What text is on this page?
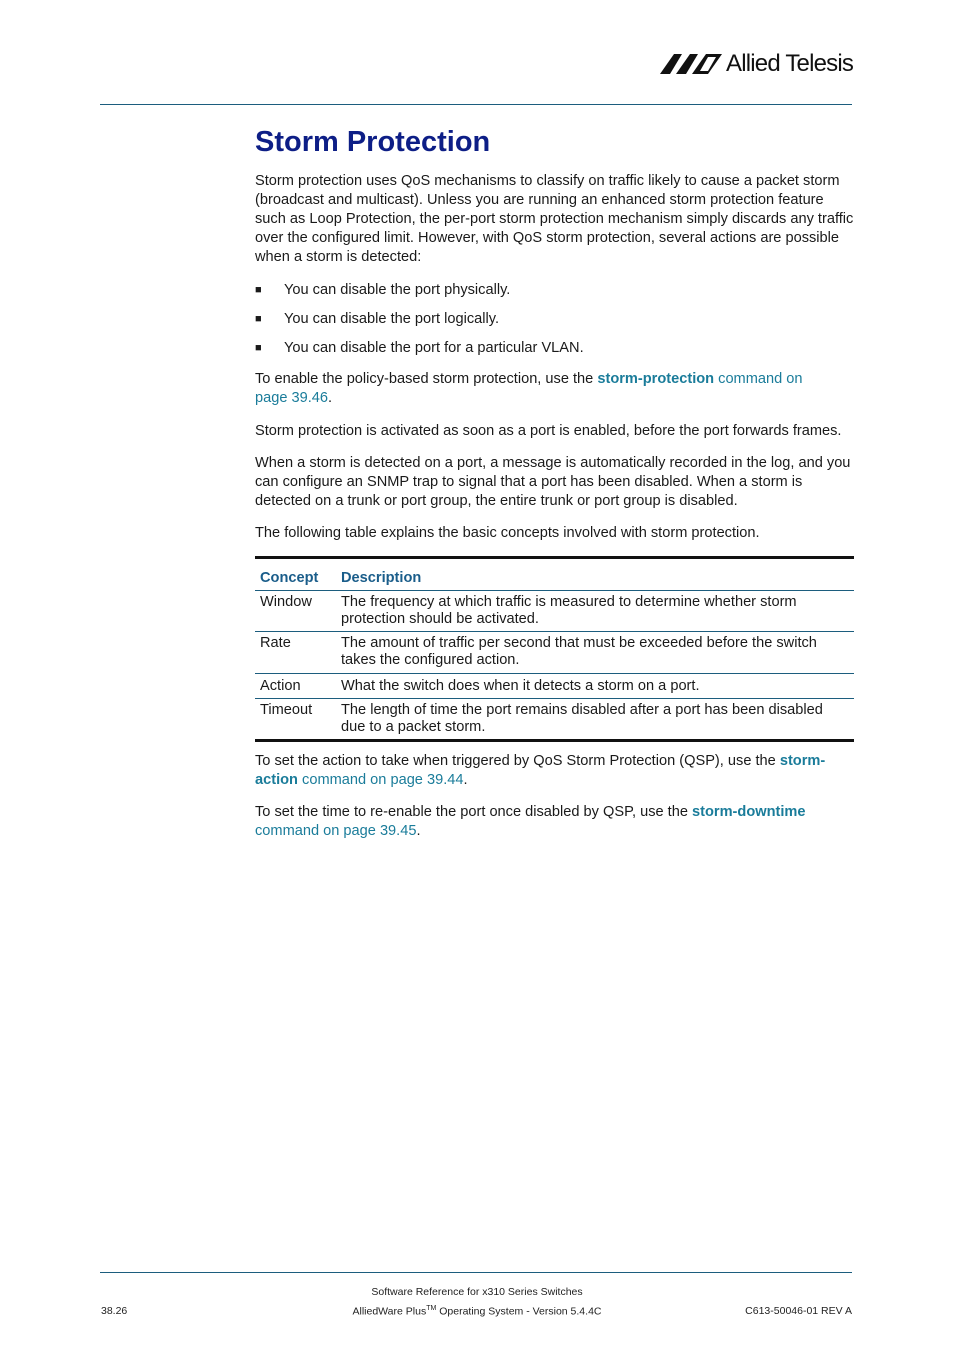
Allied Telesis
Storm Protection

Storm protection uses QoS mechanisms to classify on traffic likely to cause a packet storm (broadcast and multicast). Unless you are running an enhanced storm protection feature such as Loop Protection, the per-port storm protection mechanism simply discards any traffic over the configured limit. However, with QoS storm protection, several actions are possible when a storm is detected:

■ You can disable the port physically.
■ You can disable the port logically.
■ You can disable the port for a particular VLAN.

To enable the policy-based storm protection, use the storm-protection command on page 39.46.

Storm protection is activated as soon as a port is enabled, before the port forwards frames.

When a storm is detected on a port, a message is automatically recorded in the log, and you can configure an SNMP trap to signal that a port has been disabled. When a storm is detected on a trunk or port group, the entire trunk or port group is disabled.

The following table explains the basic concepts involved with storm protection.

Concept Description
Window The frequency at which traffic is measured to determine whether storm protection should be activated.
Rate	The amount of traffic per second that must be exceeded before the switch takes the configured action.
Action	What the switch does when it detects a storm on a port.
Timeout The length of time the port remains disabled after a port has been disabled due to a packet storm.

To set the action to take when triggered by QoS Storm Protection (QSP), use the storm-action command on page 39.44.

To set the time to re-enable the port once disabled by QSP, use the storm-downtime command on page 39.45.

Software Reference for x310 Series Switches
AlliedWare Plus™ Operating System - Version 5.4.4C
38.26	C613-50046-01 REV A
